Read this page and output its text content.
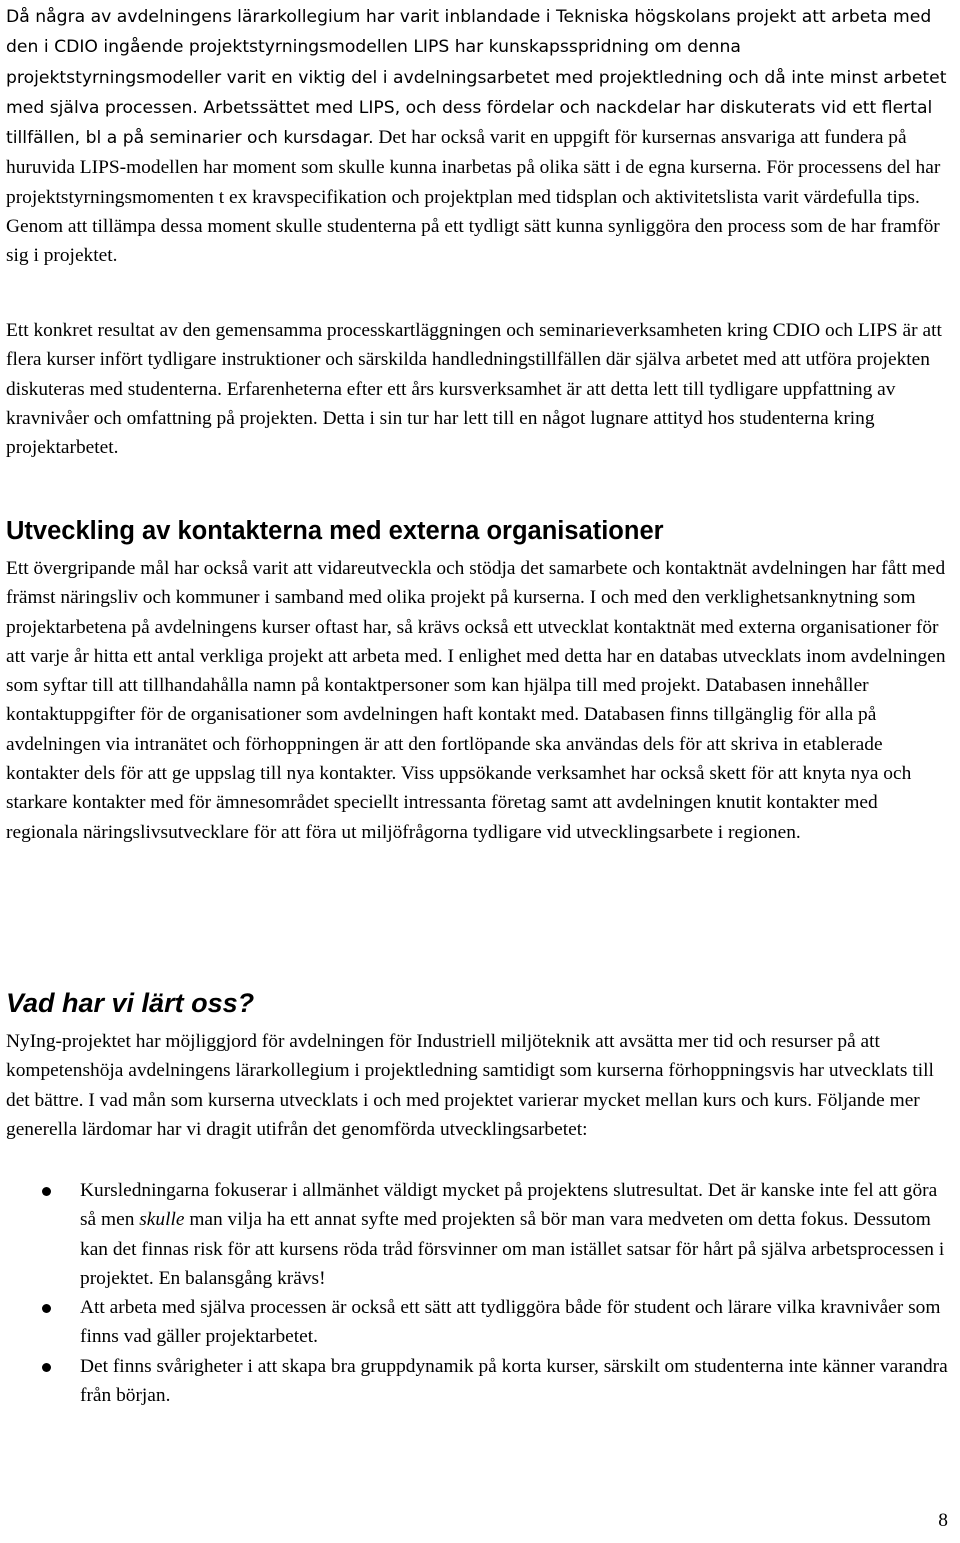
Då några av avdelningens lärarkollegium har varit inblandade i Tekniska högskolans projekt att arbeta med den i CDIO ingående projektstyrningsmodellen LIPS har kunskapsspridning om denna projektstyrningsmodeller varit en viktig del i avdelningsarbetet med projektledning och då inte minst arbetet med själva processen. Arbetssättet med LIPS, och dess fördelar och nackdelar har diskuterats vid ett flertal tillfällen, bl a på seminarier och kursdagar. Det har också varit en uppgift för kursernas ansvariga att fundera på huruvida LIPS-modellen har moment som skulle kunna inarbetas på olika sätt i de egna kurserna. För processens del har projektstyrningsmomenten t ex kravspecifikation och projektplan med tidsplan och aktivitetslista varit värdefulla tips. Genom att tillämpa dessa moment skulle studenterna på ett tydligt sätt kunna synliggöra den process som de har framför sig i projektet.

Ett konkret resultat av den gemensamma processkartläggningen och seminarieverksamheten kring CDIO och LIPS är att flera kurser infört tydligare instruktioner och särskilda handledningstillfällen där själva arbetet med att utföra projekten diskuteras med studenterna. Erfarenheterna efter ett års kursverksamhet är att detta lett till tydligare uppfattning av kravnivåer och omfattning på projekten. Detta i sin tur har lett till en något lugnare attityd hos studenterna kring projektarbetet.

Utveckling av kontakterna med externa organisationer

Ett övergripande mål har också varit att vidareutveckla och stödja det samarbete och kontaktnät avdelningen har fått med främst näringsliv och kommuner i samband med olika projekt på kurserna. I och med den verklighetsanknytning som projektarbetena på avdelningens kurser oftast har, så krävs också ett utvecklat kontaktnät med externa organisationer för att varje år hitta ett antal verkliga projekt att arbeta med. I enlighet med detta har en databas utvecklats inom avdelningen som syftar till att tillhandahålla namn på kontaktpersoner som kan hjälpa till med projekt. Databasen innehåller kontaktuppgifter för de organisationer som avdelningen haft kontakt med. Databasen finns tillgänglig för alla på avdelningen via intranätet och förhoppningen är att den fortlöpande ska användas dels för att skriva in etablerade kontakter dels för att ge uppslag till nya kontakter. Viss uppsökande verksamhet har också skett för att knyta nya och starkare kontakter med för ämnesområdet speciellt intressanta företag samt att avdelningen knutit kontakter med regionala näringslivsutvecklare för att föra ut miljöfrågorna tydligare vid utvecklingsarbete i regionen.

Vad har vi lärt oss?

NyIng-projektet har möjliggjord för avdelningen för Industriell miljöteknik att avsätta mer tid och resurser på att kompetenshöja avdelningens lärarkollegium i projektledning samtidigt som kurserna förhoppningsvis har utvecklats till det bättre. I vad mån som kurserna utvecklats i och med projektet varierar mycket mellan kurs och kurs. Följande mer generella lärdomar har vi dragit utifrån det genomförda utvecklingsarbetet:

Kursledningarna fokuserar i allmänhet väldigt mycket på projektens slutresultat. Det är kanske inte fel att göra så men skulle man vilja ha ett annat syfte med projekten så bör man vara medveten om detta fokus. Dessutom kan det finnas risk för att kursens röda tråd försvinner om man istället satsar för hårt på själva arbetsprocessen i projektet. En balansgång krävs!
Att arbeta med själva processen är också ett sätt att tydliggöra både för student och lärare vilka kravnivåer som finns vad gäller projektarbetet.
Det finns svårigheter i att skapa bra gruppdynamik på korta kurser, särskilt om studenterna inte känner varandra från början.
8
